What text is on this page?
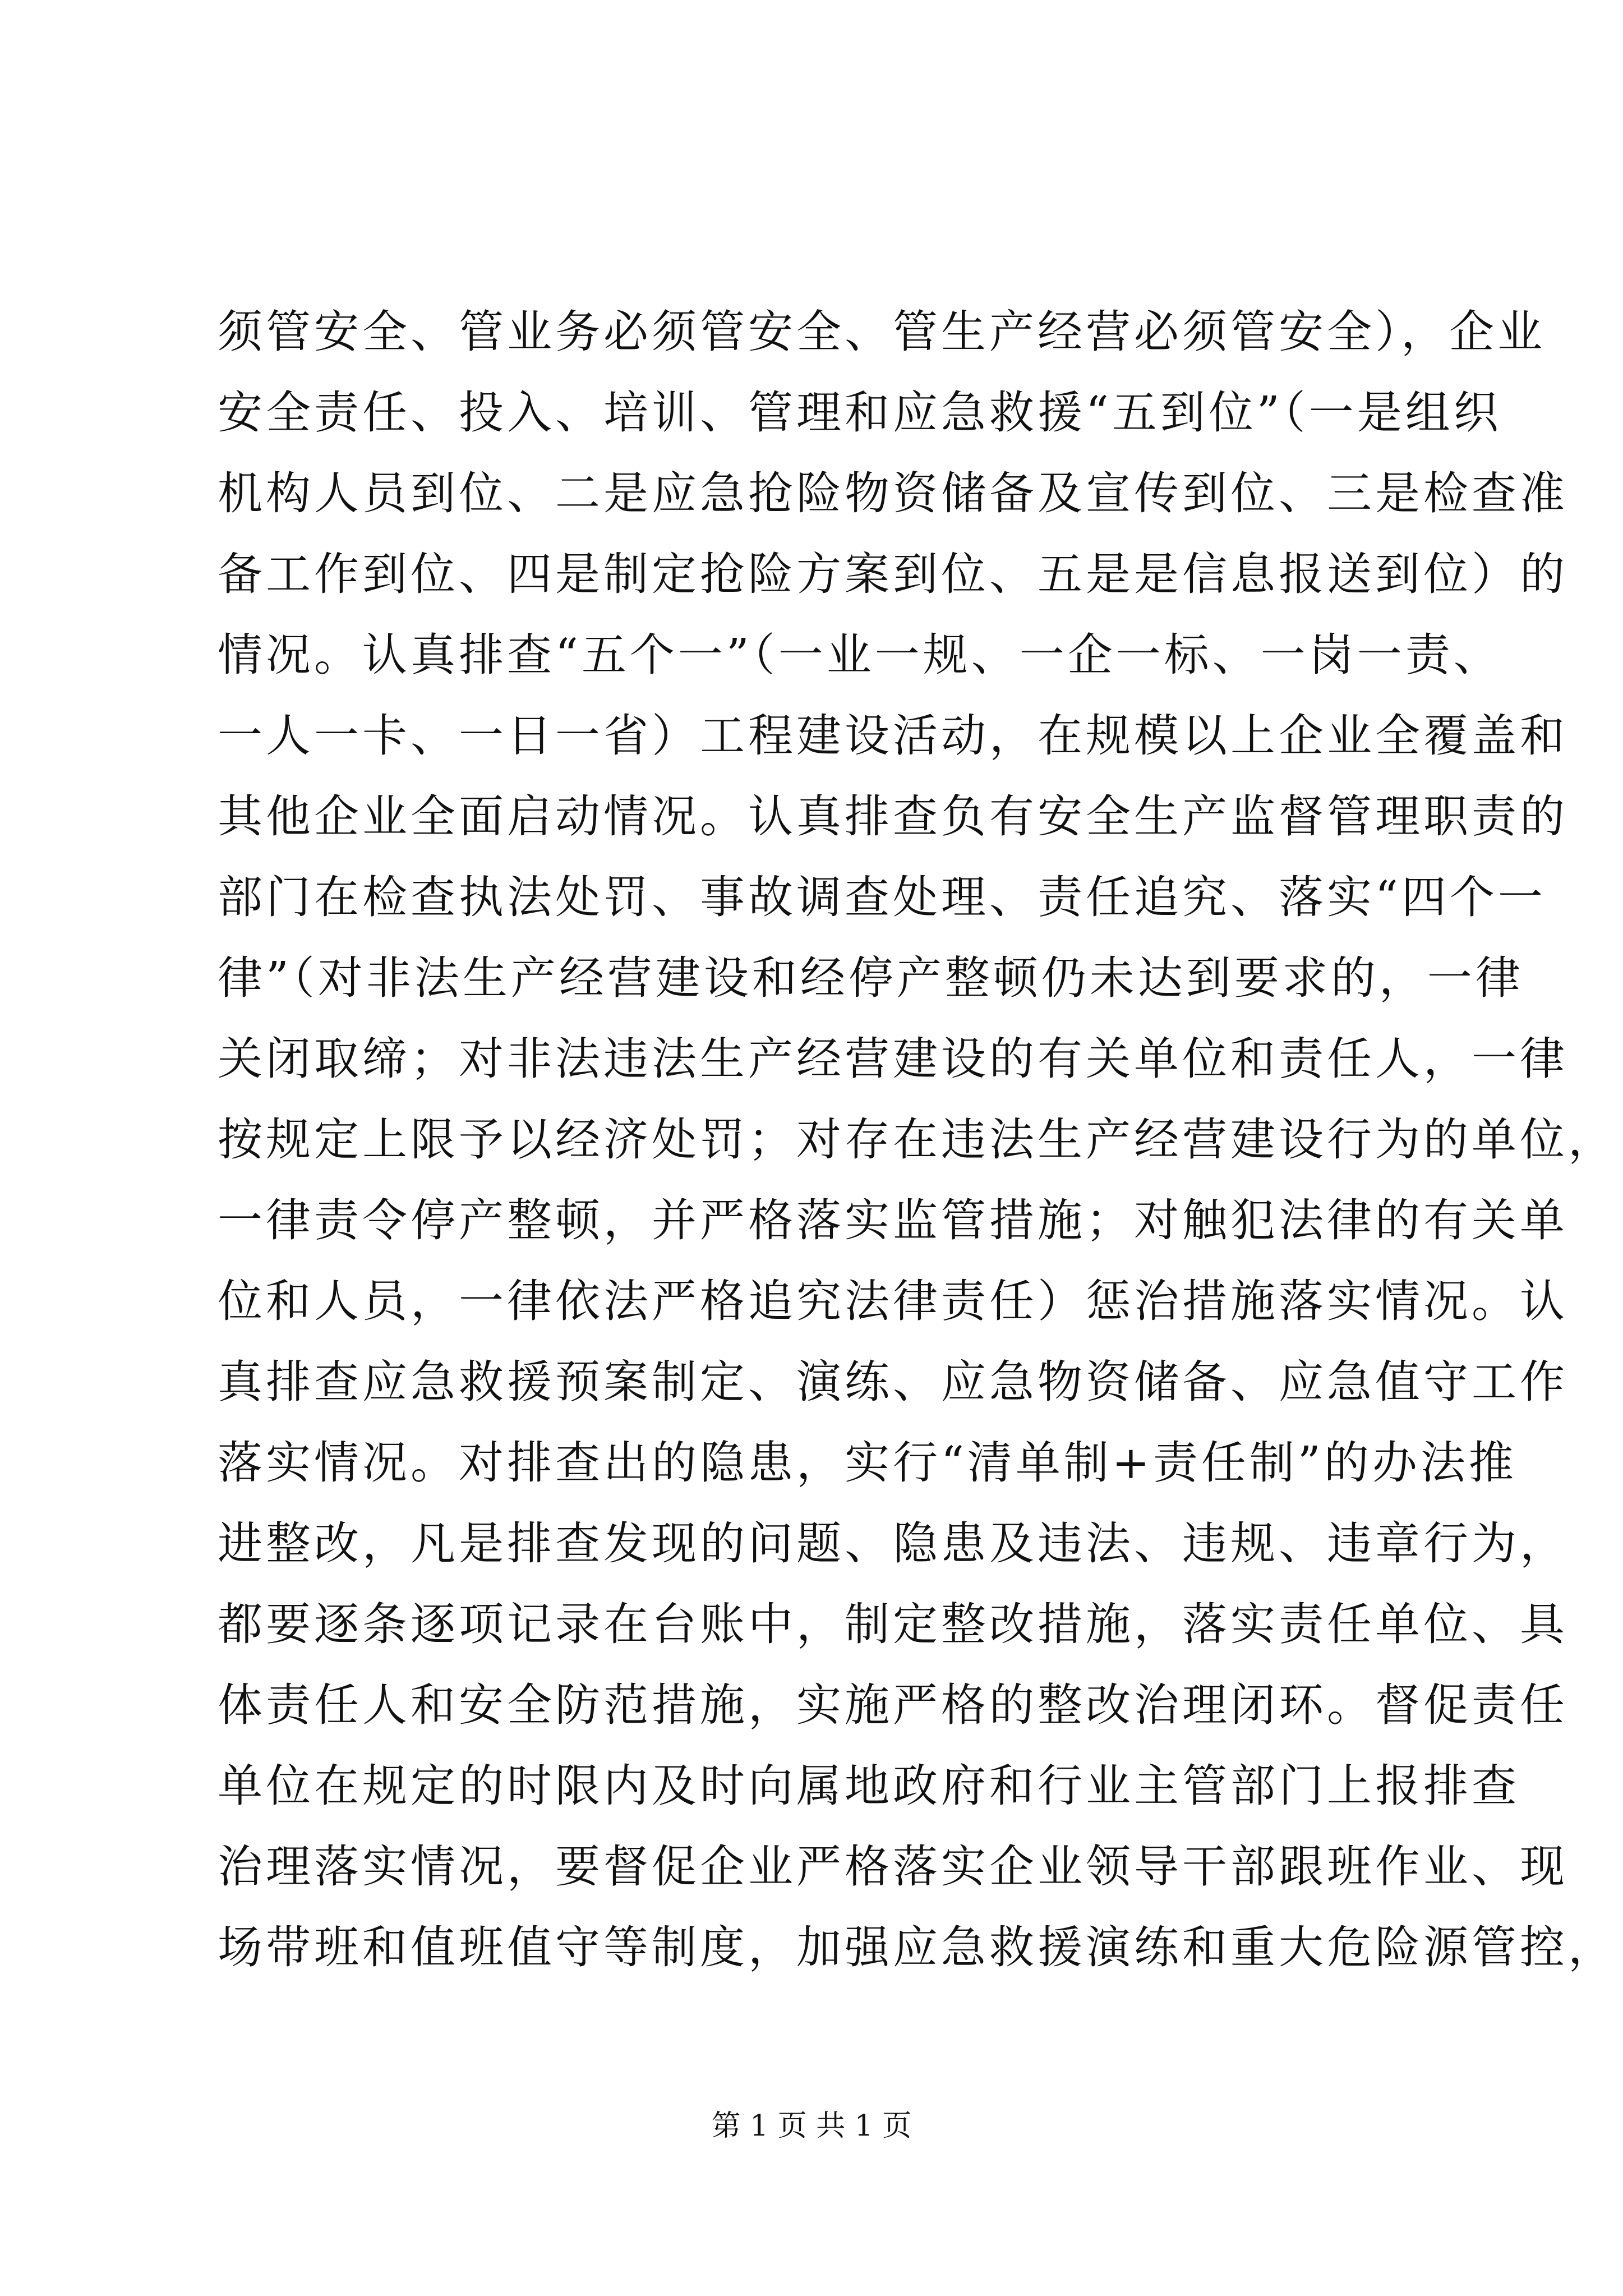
须管安全、管业务必须管安全、管生产经营必须管安全），企业
安全责任、投入、培训、管理和应急救援“五到位”（一是组织
机构人员到位、二是应急抢险物资储备及宣传到位、三是检查准
备工作到位、四是制定抢险方案到位、五是是信息报送到位）的
情况。认真排查“五个一”（一业一规、一企一标、一岗一责、
一人一卡、一日一省）工程建设活动，在规模以上企业全覆盖和
其他企业全面启动情况。认真排查负有安全生产监督管理职责的
部门在检查执法处罚、事故调查处理、责任追究、落实“四个一
律”（对非法生产经营建设和经停产整顿仍未达到要求的，一律
关闭取缔；对非法违法生产经营建设的有关单位和责任人，一律
按规定上限予以经济处罚；对存在违法生产经营建设行为的单位，
一律责令停产整顿，并严格落实监管措施；对触犯法律的有关单
位和人员，一律依法严格追究法律责任）惩治措施落实情况。认
真排查应急救援预案制定、演练、应急物资储备、应急值守工作
落实情况。对排查出的隐患，实行“清单制+责任制”的办法推
进整改，凡是排查发现的问题、隐患及违法、违规、违章行为，
都要逐条逐项记录在台账中，制定整改措施，落实责任单位、具
体责任人和安全防范措施，实施严格的整改治理闭环。督促责任
单位在规定的时限内及时向属地政府和行业主管部门上报排查
治理落实情况，要督促企业严格落实企业领导干部跟班作业、现
场带班和值班值守等制度，加强应急救援演练和重大危险源管控，
第 1 页 共 1 页
